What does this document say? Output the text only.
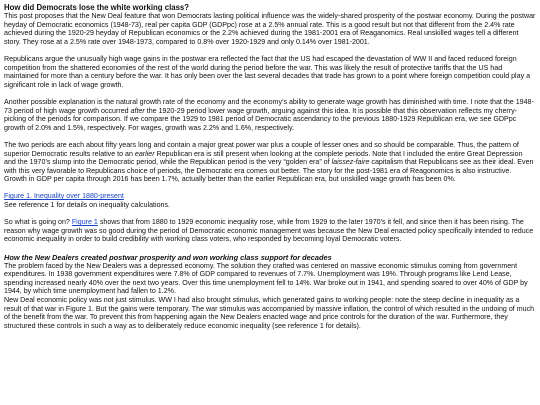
How did Democrats lose the white working class?

This post proposes that the New Deal feature that won Democrats lasting political influence was the widely-shared prosperity of the postwar economy. During the postwar heyday of Democratic economics (1948-73), real per capita GDP (GDPpc) rose at a 2.5% annual rate. This is a good result but not that different from the 2.4% rate achieved during the 1920-29 heyday of Republican economics or the 2.2% achieved during the 1981-2001 era of Reaganomics. Real unskilled wages tell a different story. They rose at a 2.5% rate over 1948-1973, compared to 0.8% over 1920-1929 and only 0.14% over 1981-2001.

Republicans argue the unusually high wage gains in the postwar era reflected the fact that the US had escaped the devastation of WW II and faced reduced foreign competition from the shattered economies of the rest of the world during the period before the war. This was likely the result of protective tariffs that the US had maintained for more than a century before the war. It has only been over the last several decades that trade has grown to a point where foreign competition could play a significant role in lack of wage growth.

Another possible explanation is the natural growth rate of the economy and the economy’s ability to generate wage growth has diminished with time. I note that the 1948-73 period of high wage growth occurred after the 1920-29 period lower wage growth, arguing against this idea. It is possible that this observation reflects my cherry-picking of the periods for comparison. If we compare the 1929 to 1981 period of Democratic ascendancy to the previous 1880-1929 Republican era, we see GDPpc growth of 2.0% and 1.5%, respectively. For wages, growth was 2.2% and 1.6%, respectively.

The two periods are each about fifty years long and contain a major great power war plus a couple of lesser ones and so should be comparable. Thus, the pattern of superior Democratic results relative to an earlier Republican era is still present when looking at the complete periods. Note that I included the entire Great Depression and the 1970’s slump into the Democratic period, while the Republican period is the very “golden era” of laissez-faire capitalism that Republicans see as their ideal. Even with this very favorable to Republicans choice of periods, the Democratic era comes out better. The story for the post-1981 era of Reagonomics is also instructive. Growth in GDP per capita through 2016 has been 1.7%, actually better than the earlier Republican era, but unskilled wage growth has been 0%.

Figure 1. Inequality over 1880-present

See reference 1 for details on inequality calculations.

So what is going on? Figure 1 shows that from 1880 to 1929 economic inequality rose, while from 1929 to the later 1970’s it fell, and since then it has been rising. The reason why wage growth was so good during the period of Democratic economic management was because the New Deal enacted policy specifically intended to reduce economic inequality in order to build credibility with working class voters, who responded by becoming loyal Democratic voters.

How the New Dealers created postwar prosperity and won working class support for decades

The problem faced by the New Dealers was a depressed economy. The solution they crafted was centered on massive economic stimulus coming from government expenditures. In 1938 government expenditures were 7.8% of GDP compared to revenues of 7.7%. Unemployment was 19%. Through programs like Lend Lease, spending increased nearly 40% over the next two years. Over this time unemployment fell to 14%. War broke out in 1941, and spending soared to over 40% of GDP by 1944, by which time unemployment had fallen to 1.2%.

New Deal economic policy was not just stimulus. WW I had also brought stimulus, which generated gains to working people: note the steep decline in inequality as a result of that war in Figure 1. But the gains were temporary. The war stimulus was accompanied by massive inflation, the control of which resulted in the undoing of much of the benefit from the war. To prevent this from happening again the New Dealers enacted wage and price controls for the duration of the war. Furthermore, they structured these controls in such a way as to deliberately reduce economic inequality (see reference 1 for details).
